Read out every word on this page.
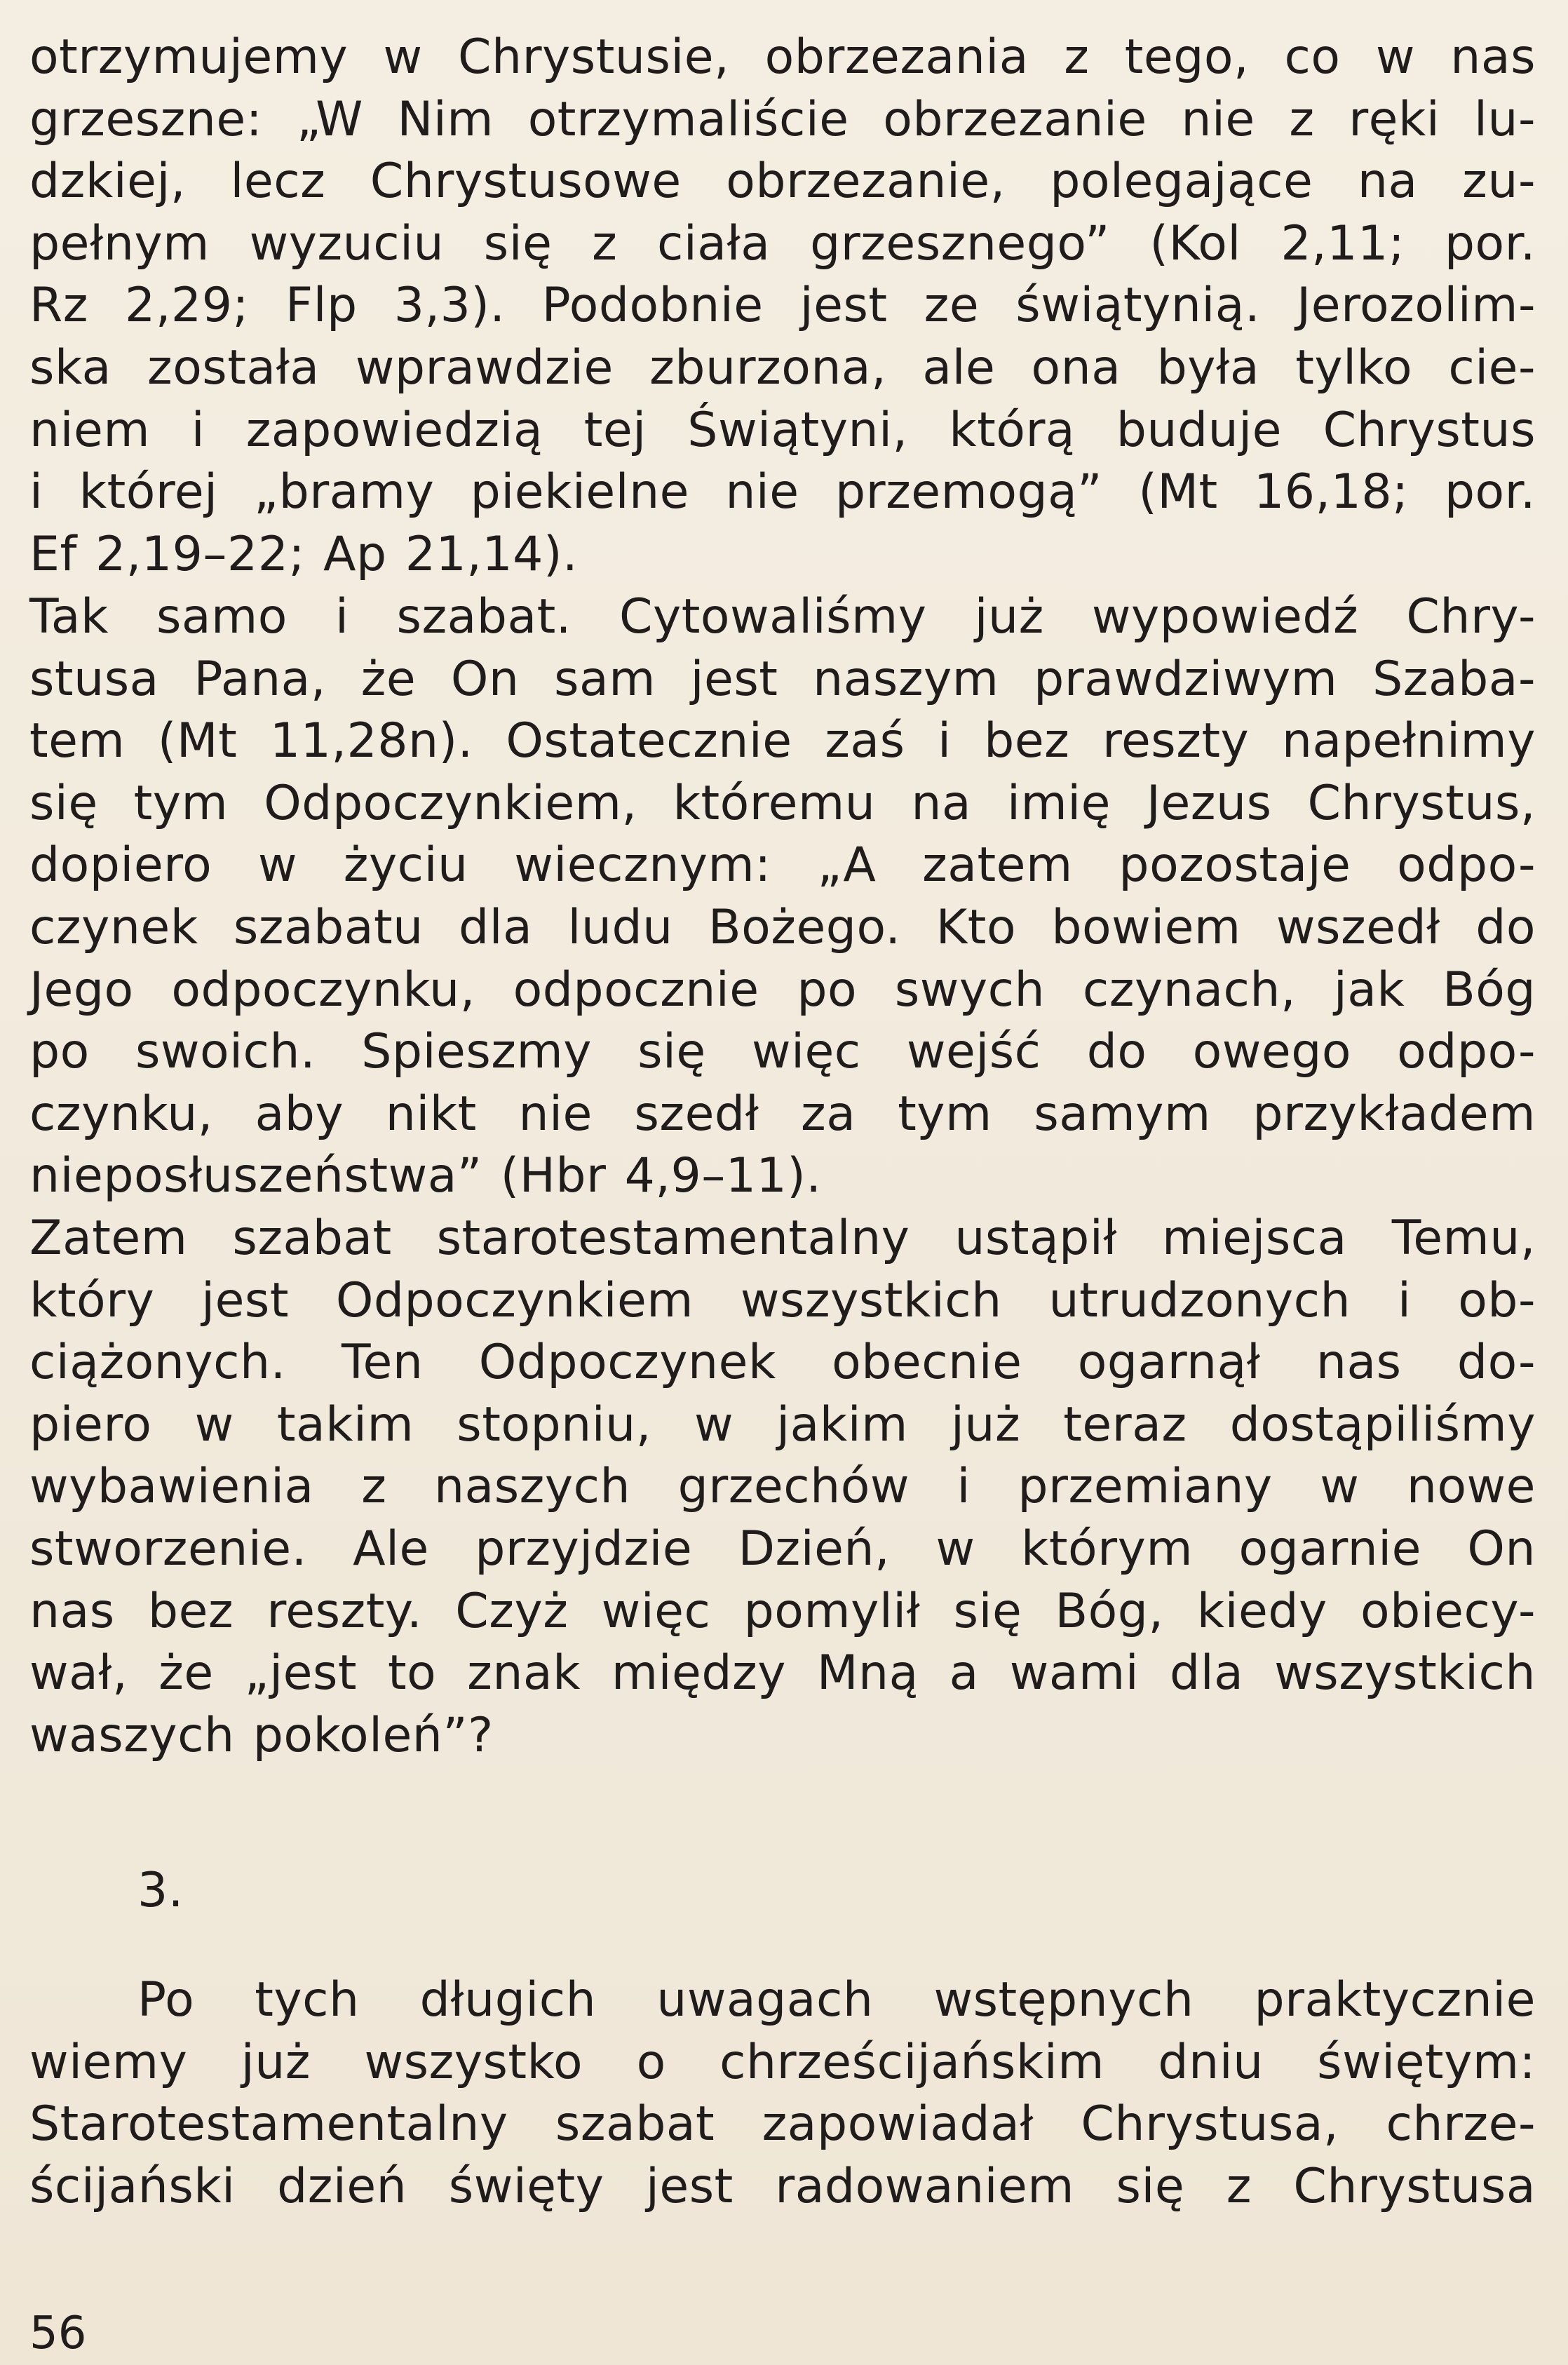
otrzymujemy w Chrystusie, obrzezania z tego, co w nas
grzeszne: „W Nim otrzymaliście obrzezanie nie z ręki lu-
dzkiej, lecz Chrystusowe obrzezanie, polegające na zu-
pełnym wyzuciu się z ciała grzesznego” (Kol 2,11; por.
Rz 2,29; Flp 3,3). Podobnie jest ze świątynią. Jerozolim-
ska została wprawdzie zburzona, ale ona była tylko cie-
niem i zapowiedzią tej Świątyni, którą buduje Chrystus
i której „bramy piekielne nie przemogą” (Mt 16,18; por.
Ef 2,19–22; Ap 21,14).
Tak samo i szabat. Cytowaliśmy już wypowiedź Chry-
stusa Pana, że On sam jest naszym prawdziwym Szaba-
tem (Mt 11,28n). Ostatecznie zaś i bez reszty napełnimy
się tym Odpoczynkiem, któremu na imię Jezus Chrystus,
dopiero w życiu wiecznym: „A zatem pozostaje odpo-
czynek szabatu dla ludu Bożego. Kto bowiem wszedł do
Jego odpoczynku, odpocznie po swych czynach, jak Bóg
po swoich. Spieszmy się więc wejść do owego odpo-
czynku, aby nikt nie szedł za tym samym przykładem
nieposłuszeństwa” (Hbr 4,9–11).
Zatem szabat starotestamentalny ustąpił miejsca Temu,
który jest Odpoczynkiem wszystkich utrudzonych i ob-
ciążonych. Ten Odpoczynek obecnie ogarnął nas do-
piero w takim stopniu, w jakim już teraz dostąpiliśmy
wybawienia z naszych grzechów i przemiany w nowe
stworzenie. Ale przyjdzie Dzień, w którym ogarnie On
nas bez reszty. Czyż więc pomylił się Bóg, kiedy obiecy-
wał, że „jest to znak między Mną a wami dla wszystkich
waszych pokoleń”?
3.
Po tych długich uwagach wstępnych praktycznie
wiemy już wszystko o chrześcijańskim dniu świętym:
Starotestamentalny szabat zapowiadał Chrystusa, chrze-
ścijański dzień święty jest radowaniem się z Chrystusa
56
